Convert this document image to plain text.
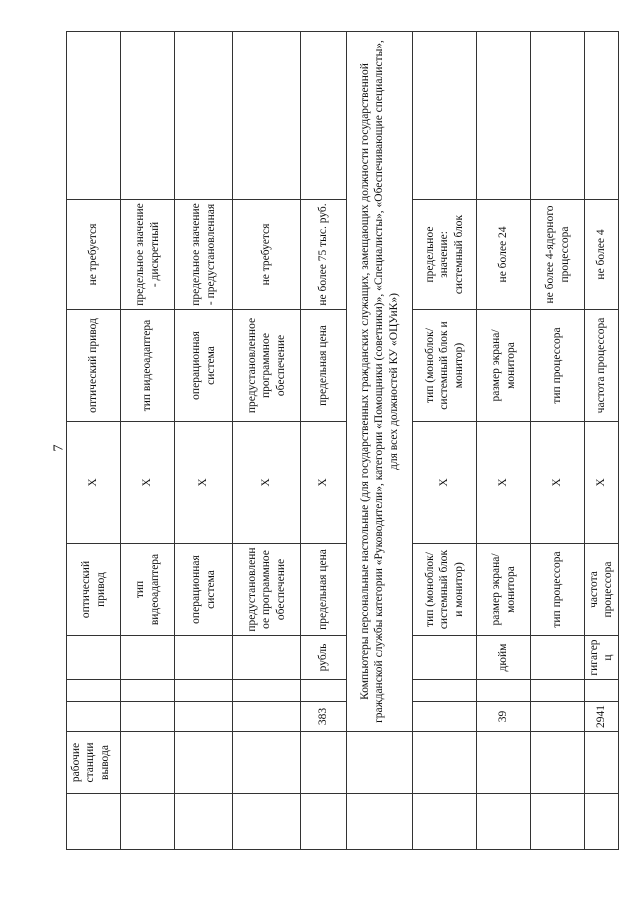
7
	рабочие станции вывода				оптический привод	X	оптический привод	не требуется	
					тип видеоадаптера	X	тип видеоадаптера	предельное значение - дискретный	
					операционная система	X	операционная система	предельное значение - предустановленная	
					предустановленное программное обеспечение	X	предустановленное программное обеспечение	не требуется	
		383		рубль	предельная цена	X	предельная цена	не более 75 тыс. руб.	
		Компьютеры персональные настольные (для государственных гражданских служащих, замещающих должности государственной гражданской службы категории «Руководители», категории «Помощники (советники)», «Специалисты», «Обеспечивающие специалисты», для всех должностей КУ «ОЦУиК»)							
					тип (моноблок/ системный блок и монитор)	X	тип (моноблок/системный блок и монитор)	предельное значение: системный блок	
		39		дюйм	размер экрана/монитора	X	размер экрана/монитора	не более 24	
					тип процессора	X	тип процессора	не более 4-ядерного процессора	
		2941		гигагерц	частота процессора	X	частота процессора	не более 4	
